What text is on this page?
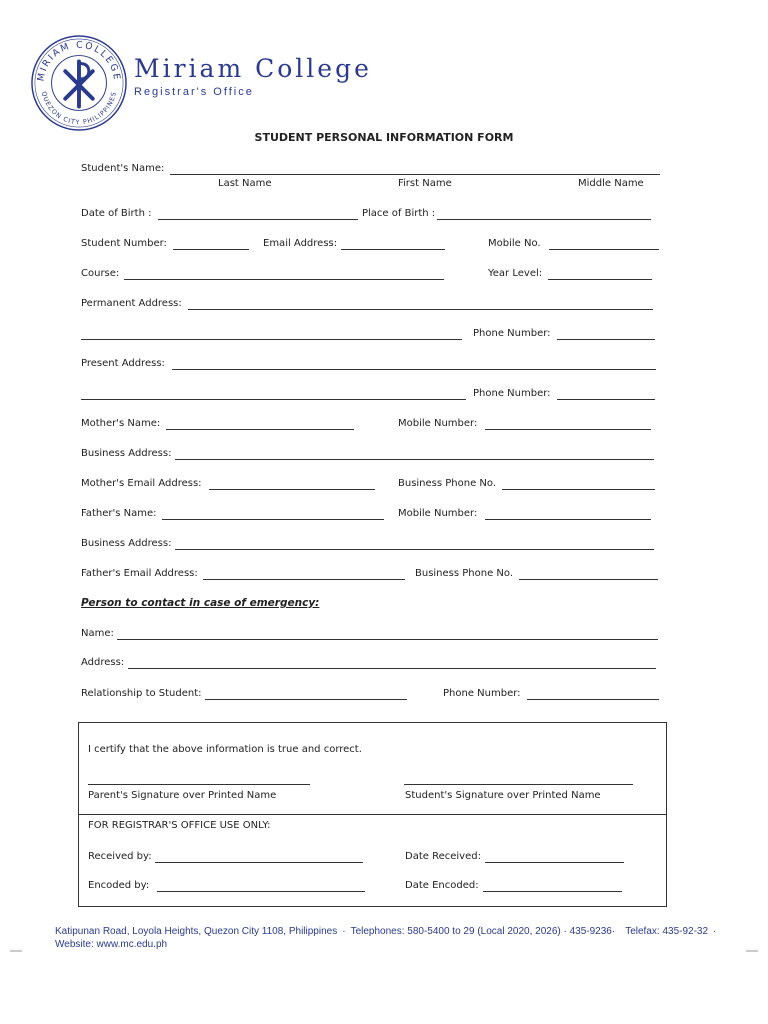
MIRIAM COLLEGE
QUEZON CITY PHILIPPINES
Miriam College
Registrar's Office
STUDENT PERSONAL INFORMATION FORM
Student's Name:
Last Name	First Name	Middle Name
Date of Birth :	Place of Birth :
Student Number:	Email Address:	Mobile No.
Course:	Year Level:
Permanent Address:
Phone Number:
Present Address:
Phone Number:
Mother's Name:	Mobile Number:
Business Address:
Mother's Email Address:	Business Phone No.
Father's Name:	Mobile Number:
Business Address:
Father's Email Address:	Business Phone No.
Person to contact in case of emergency:
Name:
Address:
Relationship to Student:	Phone Number:
I certify that the above information is true and correct.
Parent's Signature over Printed Name	Student's Signature over Printed Name
FOR REGISTRAR'S OFFICE USE ONLY:
Received by:	Date Received:
Encoded by:	Date Encoded:
Katipunan Road, Loyola Heights, Quezon City 1108, Philippines · Telephones: 580-5400 to 29 (Local 2020, 2026) · 435-9236· Telefax: 435-92-32 ·
Website: www.mc.edu.ph
